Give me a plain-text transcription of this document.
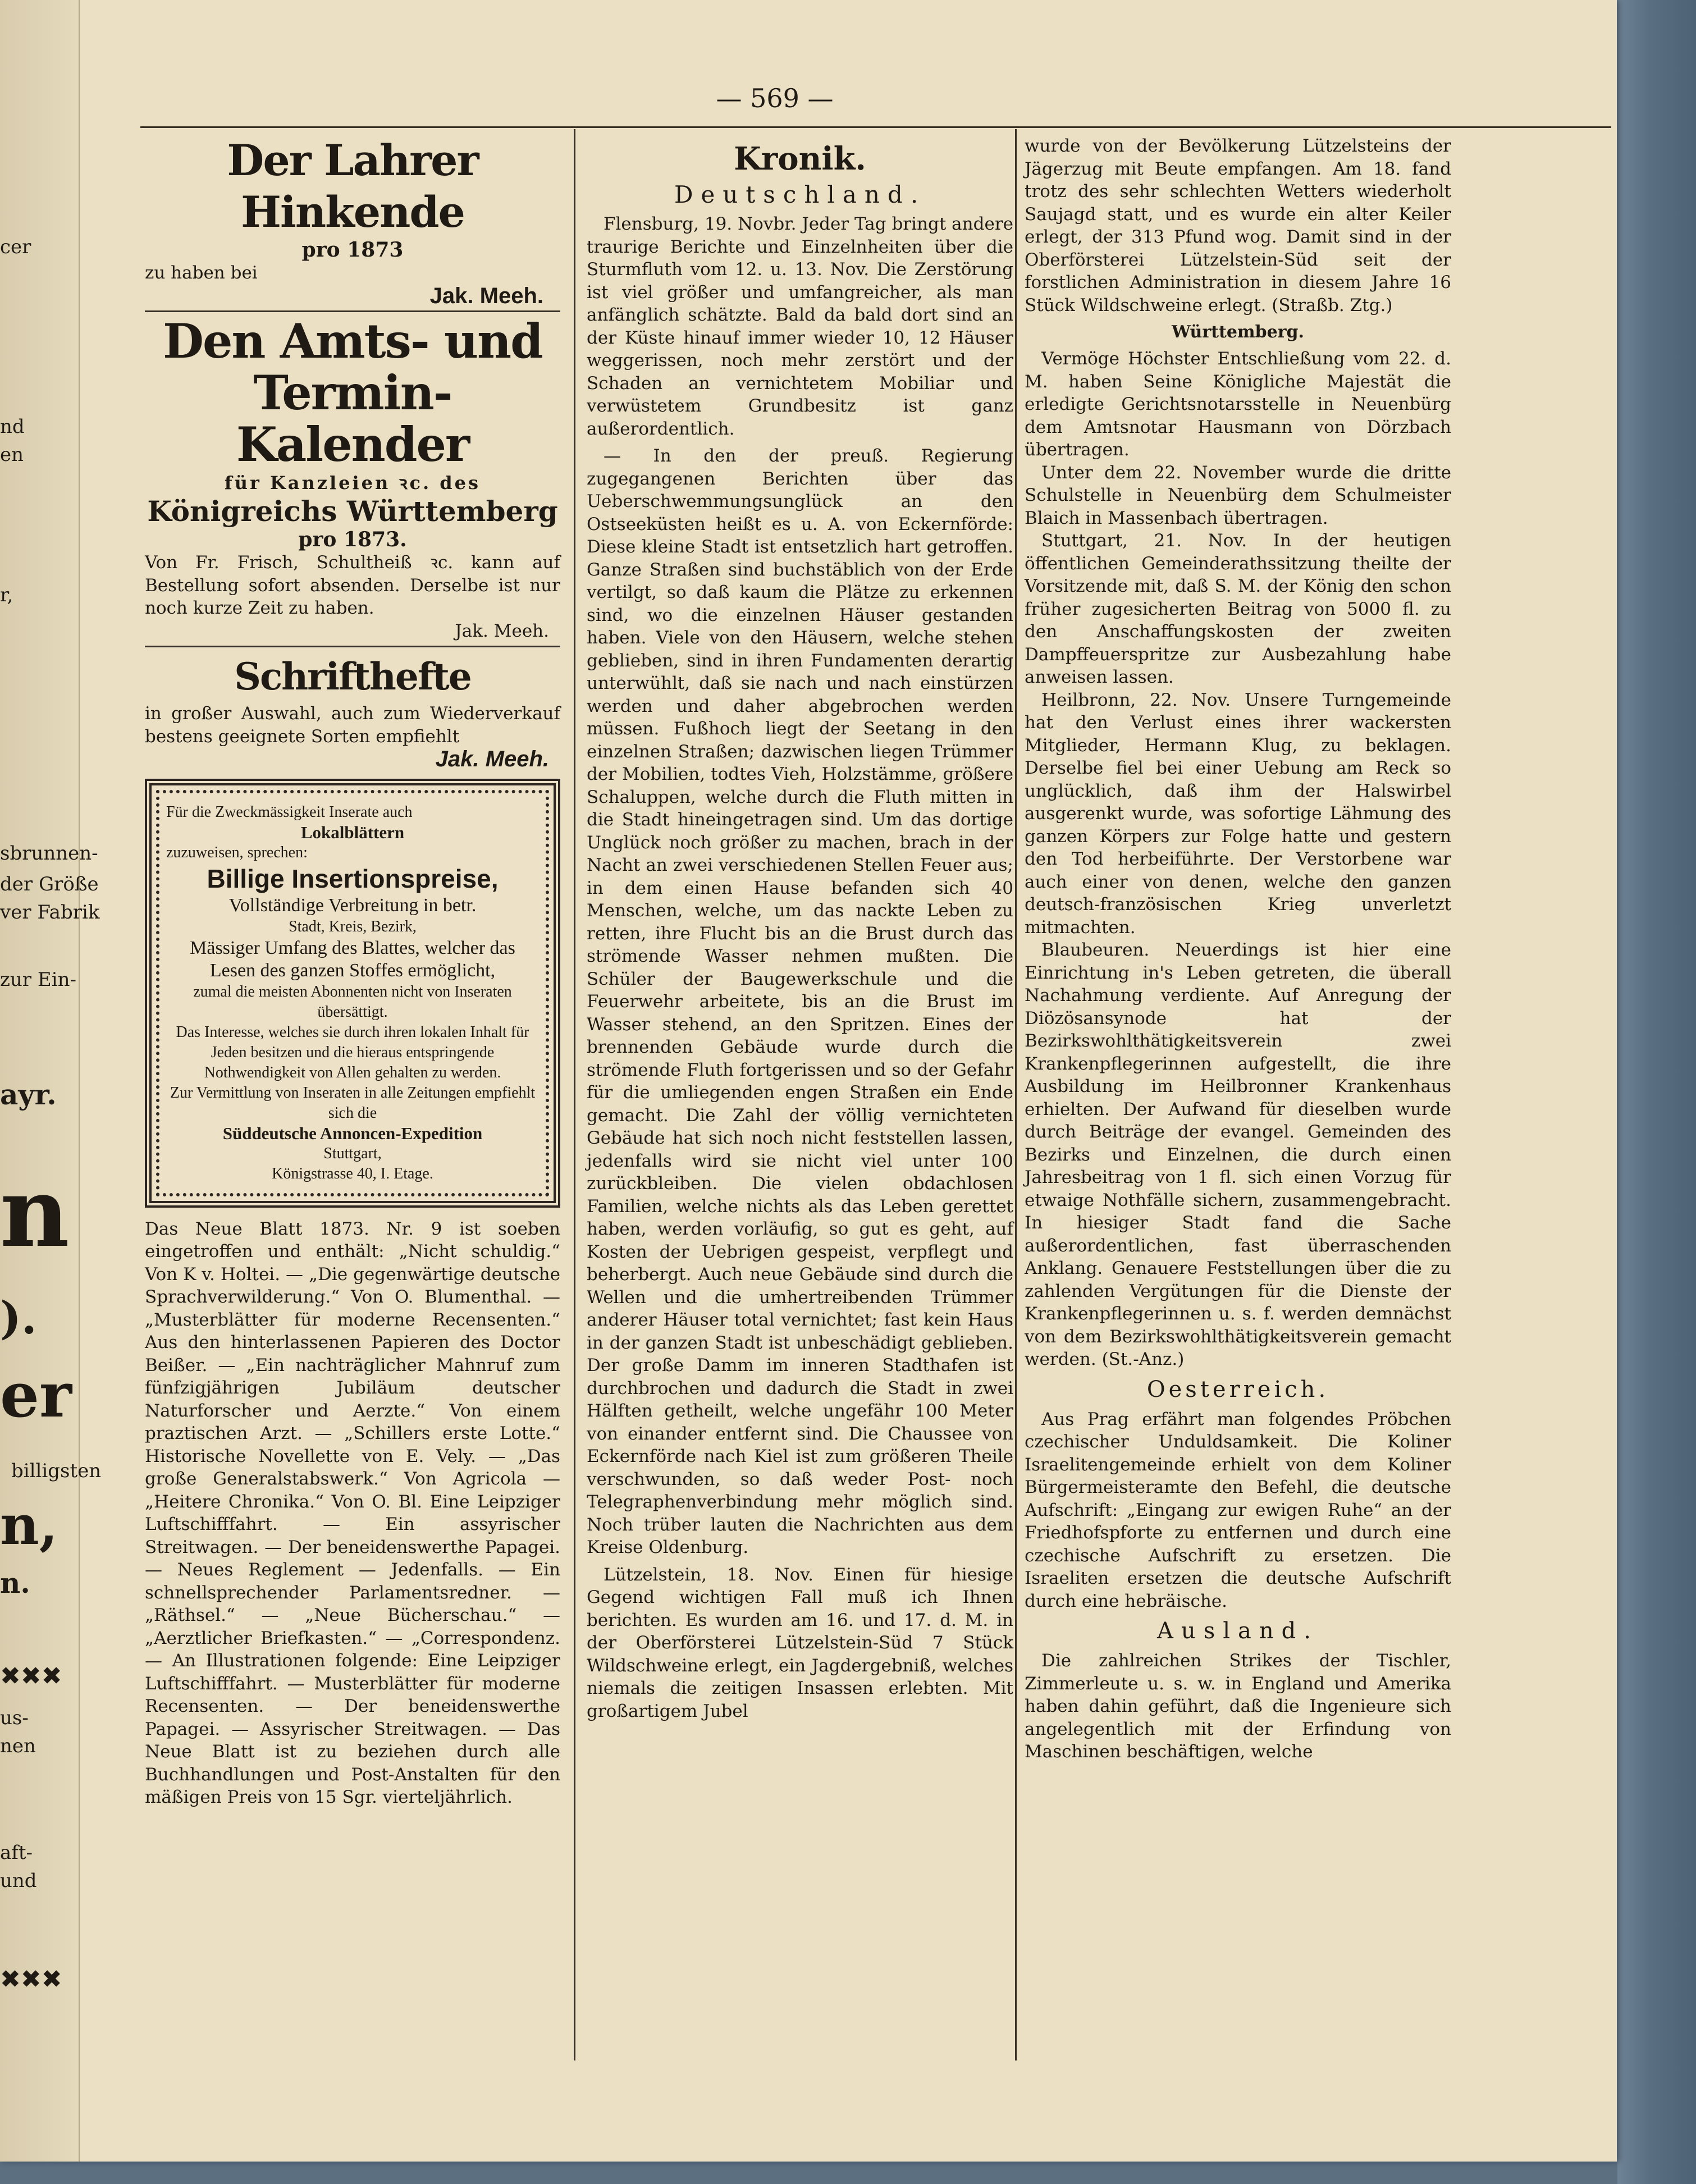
cer
nd
en
r,
sbrunnen-
der Größe
ver Fabrik
zur Ein-
ayr.
n
).
er
billigsten
n,
n.
✖✖✖
us-
nen
aft-
und
✖✖✖
— 569 —

Der Lahrer Hinkende

pro 1873

zu haben bei

Jak. Meeh.

Den Amts- und Termin-

Kalender

für Kanzleien ꝛc. des

Königreichs Württemberg

pro 1873.

Von Fr. Frisch, Schultheiß ꝛc. kann auf Bestellung sofort absenden. Derselbe ist nur noch kurze Zeit zu haben.

Jak. Meeh.

Schrifthefte

in großer Auswahl, auch zum Wiederverkauf bestens geeignete Sorten empfiehlt

Jak. Meeh.

Für die Zweckmässigkeit Inserate auch

Lokalblättern

zuzuweisen, sprechen:

Billige Insertionspreise,

Vollständige Verbreitung in betr.

Stadt, Kreis, Bezirk,

Mässiger Umfang des Blattes, welcher das Lesen des ganzen Stoffes ermöglicht,

zumal die meisten Abonnenten nicht von Inseraten übersättigt.

Das Interesse, welches sie durch ihren lokalen Inhalt für Jeden besitzen und die hieraus entspringende Nothwendigkeit von Allen gehalten zu werden.

Zur Vermittlung von Inseraten in alle Zeitungen empfiehlt sich die

Süddeutsche Annoncen-Expedition

Stuttgart,

Königstrasse 40, I. Etage.

Das Neue Blatt 1873. Nr. 9 ist soeben eingetroffen und enthält: „Nicht schuldig.“ Von K v. Holtei. — „Die gegenwärtige deutsche Sprachverwilderung.“ Von O. Blumenthal. — „Musterblätter für moderne Recensenten.“ Aus den hinterlassenen Papieren des Doctor Beißer. — „Ein nachträglicher Mahnruf zum fünfzigjährigen Jubiläum deutscher Naturforscher und Aerzte.“ Von einem praztischen Arzt. — „Schillers erste Lotte.“ Historische Novellette von E. Vely. — „Das große Generalstabswerk.“ Von Agricola — „Heitere Chronika.“ Von O. Bl. Eine Leipziger Luftschifffahrt. — Ein assyrischer Streitwagen. — Der beneidenswerthe Papagei. — Neues Reglement — Jedenfalls. — Ein schnellsprechender Parlamentsredner. — „Räthsel.“ — „Neue Bücherschau.“ — „Aerztlicher Briefkasten.“ — „Correspondenz. — An Illustrationen folgende: Eine Leipziger Luftschifffahrt. — Musterblätter für moderne Recensenten. — Der beneidenswerthe Papagei. — Assyrischer Streitwagen. — Das Neue Blatt ist zu beziehen durch alle Buchhandlungen und Post-Anstalten für den mäßigen Preis von 15 Sgr. vierteljährlich.

Kronik.

Deutschland.

Flensburg, 19. Novbr. Jeder Tag bringt andere traurige Berichte und Einzelnheiten über die Sturmfluth vom 12. u. 13. Nov. Die Zerstörung ist viel größer und umfangreicher, als man anfänglich schätzte. Bald da bald dort sind an der Küste hinauf immer wieder 10, 12 Häuser weggerissen, noch mehr zerstört und der Schaden an vernichtetem Mobiliar und verwüstetem Grundbesitz ist ganz außerordentlich.

— In den der preuß. Regierung zugegangenen Berichten über das Ueberschwemmungsunglück an den Ostseeküsten heißt es u. A. von Eckernförde: Diese kleine Stadt ist entsetzlich hart getroffen. Ganze Straßen sind buchstäblich von der Erde vertilgt, so daß kaum die Plätze zu erkennen sind, wo die einzelnen Häuser gestanden haben. Viele von den Häusern, welche stehen geblieben, sind in ihren Fundamenten derartig unterwühlt, daß sie nach und nach einstürzen werden und daher abgebrochen werden müssen. Fußhoch liegt der Seetang in den einzelnen Straßen; dazwischen liegen Trümmer der Mobilien, todtes Vieh, Holzstämme, größere Schaluppen, welche durch die Fluth mitten in die Stadt hineingetragen sind. Um das dortige Unglück noch größer zu machen, brach in der Nacht an zwei verschiedenen Stellen Feuer aus; in dem einen Hause befanden sich 40 Menschen, welche, um das nackte Leben zu retten, ihre Flucht bis an die Brust durch das strömende Wasser nehmen mußten. Die Schüler der Baugewerkschule und die Feuerwehr arbeitete, bis an die Brust im Wasser stehend, an den Spritzen. Eines der brennenden Gebäude wurde durch die strömende Fluth fortgerissen und so der Gefahr für die umliegenden engen Straßen ein Ende gemacht. Die Zahl der völlig vernichteten Gebäude hat sich noch nicht feststellen lassen, jedenfalls wird sie nicht viel unter 100 zurückbleiben. Die vielen obdachlosen Familien, welche nichts als das Leben gerettet haben, werden vorläufig, so gut es geht, auf Kosten der Uebrigen gespeist, verpflegt und beherbergt. Auch neue Gebäude sind durch die Wellen und die umhertreibenden Trümmer anderer Häuser total vernichtet; fast kein Haus in der ganzen Stadt ist unbeschädigt geblieben. Der große Damm im inneren Stadthafen ist durchbrochen und dadurch die Stadt in zwei Hälften getheilt, welche ungefähr 100 Meter von einander entfernt sind. Die Chaussee von Eckernförde nach Kiel ist zum größeren Theile verschwunden, so daß weder Post- noch Telegraphenverbindung mehr möglich sind. Noch trüber lauten die Nachrichten aus dem Kreise Oldenburg.

Lützelstein, 18. Nov. Einen für hiesige Gegend wichtigen Fall muß ich Ihnen berichten. Es wurden am 16. und 17. d. M. in der Oberförsterei Lützelstein-Süd 7 Stück Wildschweine erlegt, ein Jagdergebniß, welches niemals die zeitigen Insassen erlebten. Mit großartigem Jubel

wurde von der Bevölkerung Lützelsteins der Jägerzug mit Beute empfangen. Am 18. fand trotz des sehr schlechten Wetters wiederholt Saujagd statt, und es wurde ein alter Keiler erlegt, der 313 Pfund wog. Damit sind in der Oberförsterei Lützelstein-Süd seit der forstlichen Administration in diesem Jahre 16 Stück Wildschweine erlegt. (Straßb. Ztg.)

Württemberg.

Vermöge Höchster Entschließung vom 22. d. M. haben Seine Königliche Majestät die erledigte Gerichtsnotarsstelle in Neuenbürg dem Amtsnotar Hausmann von Dörzbach übertragen.

Unter dem 22. November wurde die dritte Schulstelle in Neuenbürg dem Schulmeister Blaich in Massenbach übertragen.

Stuttgart, 21. Nov. In der heutigen öffentlichen Gemeinderathssitzung theilte der Vorsitzende mit, daß S. M. der König den schon früher zugesicherten Beitrag von 5000 fl. zu den Anschaffungskosten der zweiten Dampffeuerspritze zur Ausbezahlung habe anweisen lassen.

Heilbronn, 22. Nov. Unsere Turngemeinde hat den Verlust eines ihrer wackersten Mitglieder, Hermann Klug, zu beklagen. Derselbe fiel bei einer Uebung am Reck so unglücklich, daß ihm der Halswirbel ausgerenkt wurde, was sofortige Lähmung des ganzen Körpers zur Folge hatte und gestern den Tod herbeiführte. Der Verstorbene war auch einer von denen, welche den ganzen deutsch-französischen Krieg unverletzt mitmachten.

Blaubeuren. Neuerdings ist hier eine Einrichtung in's Leben getreten, die überall Nachahmung verdiente. Auf Anregung der Diözösansynode hat der Bezirkswohlthätigkeitsverein zwei Krankenpflegerinnen aufgestellt, die ihre Ausbildung im Heilbronner Krankenhaus erhielten. Der Aufwand für dieselben wurde durch Beiträge der evangel. Gemeinden des Bezirks und Einzelnen, die durch einen Jahresbeitrag von 1 fl. sich einen Vorzug für etwaige Nothfälle sichern, zusammengebracht. In hiesiger Stadt fand die Sache außerordentlichen, fast überraschenden Anklang. Genauere Feststellungen über die zu zahlenden Vergütungen für die Dienste der Krankenpflegerinnen u. s. f. werden demnächst von dem Bezirkswohlthätigkeitsverein gemacht werden. (St.-Anz.)

Oesterreich.

Aus Prag erfährt man folgendes Pröbchen czechischer Unduldsamkeit. Die Koliner Israelitengemeinde erhielt von dem Koliner Bürgermeisteramte den Befehl, die deutsche Aufschrift: „Eingang zur ewigen Ruhe“ an der Friedhofspforte zu entfernen und durch eine czechische Aufschrift zu ersetzen. Die Israeliten ersetzen die deutsche Aufschrift durch eine hebräische.

Ausland.

Die zahlreichen Strikes der Tischler, Zimmerleute u. s. w. in England und Amerika haben dahin geführt, daß die Ingenieure sich angelegentlich mit der Erfindung von Maschinen beschäftigen, welche
